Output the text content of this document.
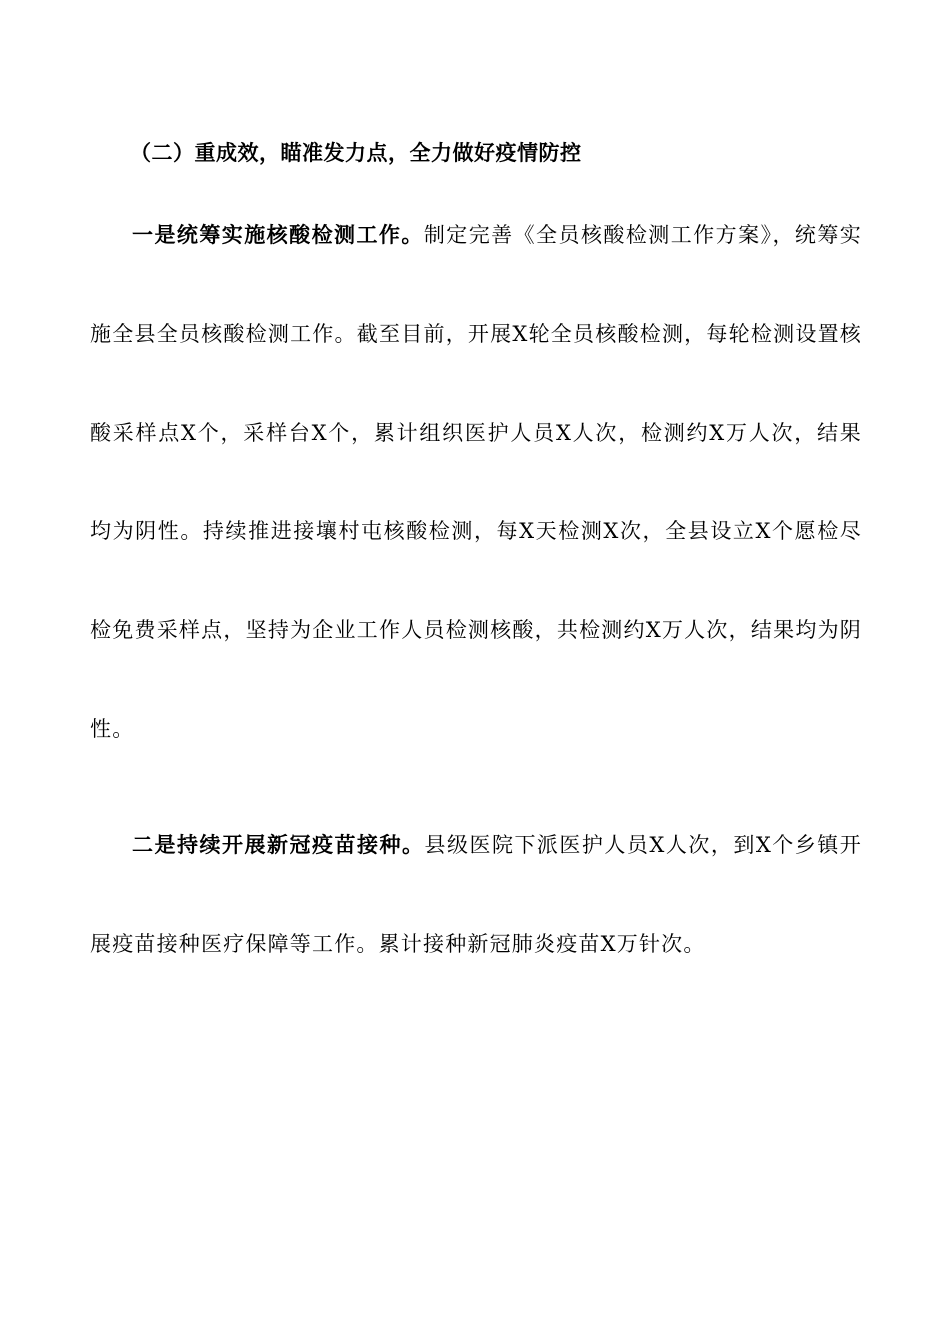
（二）重成效，瞄准发力点，全力做好疫情防控

一是统筹实施核酸检测工作。制定完善《全员核酸检测工作方案》，统筹实施全县全员核酸检测工作。截至目前，开展X轮全员核酸检测，每轮检测设置核酸采样点X个，采样台X个，累计组织医护人员X人次，检测约X万人次，结果均为阴性。持续推进接壤村屯核酸检测，每X天检测X次，全县设立X个愿检尽检免费采样点，坚持为企业工作人员检测核酸，共检测约X万人次，结果均为阴性。

二是持续开展新冠疫苗接种。县级医院下派医护人员X人次，到X个乡镇开展疫苗接种医疗保障等工作。累计接种新冠肺炎疫苗X万针次。
